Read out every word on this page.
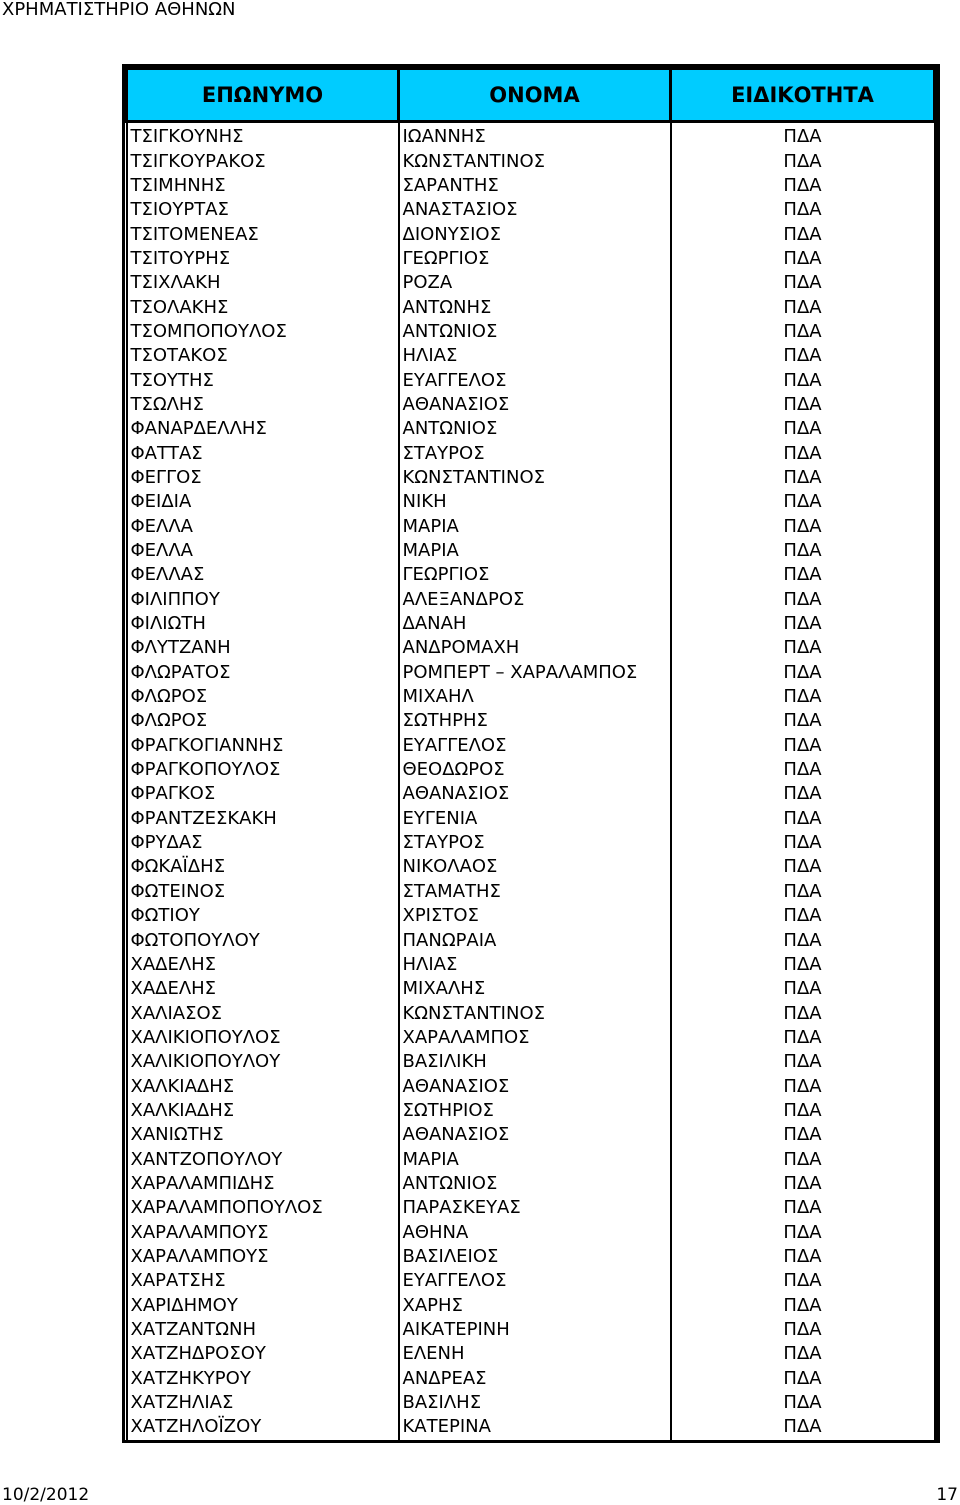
ΧΡΗΜΑΤΙΣΤΗΡΙΟ ΑΘΗΝΩΝ
ΕΠΩΝΥΜΟ	ΟΝΟΜΑ	ΕΙΔΙΚΟΤΗΤΑ
ΤΣΙΓΚΟΥΝΗΣ	ΙΩΑΝΝΗΣ	ΠΔΑ
ΤΣΙΓΚΟΥΡΑΚΟΣ	ΚΩΝΣΤΑΝΤΙΝΟΣ	ΠΔΑ
ΤΣΙΜΗΝΗΣ	ΣΑΡΑΝΤΗΣ	ΠΔΑ
ΤΣΙΟΥΡΤΑΣ	ΑΝΑΣΤΑΣΙΟΣ	ΠΔΑ
ΤΣΙΤΟΜΕΝΕΑΣ	ΔΙΟΝΥΣΙΟΣ	ΠΔΑ
ΤΣΙΤΟΥΡΗΣ	ΓΕΩΡΓΙΟΣ	ΠΔΑ
ΤΣΙΧΛΑΚΗ	ΡΟΖΑ	ΠΔΑ
ΤΣΟΛΑΚΗΣ	ΑΝΤΩΝΗΣ	ΠΔΑ
ΤΣΟΜΠΟΠΟΥΛΟΣ	ΑΝΤΩΝΙΟΣ	ΠΔΑ
ΤΣΟΤΑΚΟΣ	ΗΛΙΑΣ	ΠΔΑ
ΤΣΟΥΤΗΣ	ΕΥΑΓΓΕΛΟΣ	ΠΔΑ
ΤΣΩΛΗΣ	ΑΘΑΝΑΣΙΟΣ	ΠΔΑ
ΦΑΝΑΡΔΕΛΛΗΣ	ΑΝΤΩΝΙΟΣ	ΠΔΑ
ΦΑΤΤΑΣ	ΣΤΑΥΡΟΣ	ΠΔΑ
ΦΕΓΓΟΣ	ΚΩΝΣΤΑΝΤΙΝΟΣ	ΠΔΑ
ΦΕΙΔΙΑ	ΝΙΚΗ	ΠΔΑ
ΦΕΛΛΑ	ΜΑΡΙΑ	ΠΔΑ
ΦΕΛΛΑ	ΜΑΡΙΑ	ΠΔΑ
ΦΕΛΛΑΣ	ΓΕΩΡΓΙΟΣ	ΠΔΑ
ΦΙΛΙΠΠΟΥ	ΑΛΕΞΑΝΔΡΟΣ	ΠΔΑ
ΦΙΛΙΩΤΗ	ΔΑΝΑΗ	ΠΔΑ
ΦΛΥΤΖΑΝΗ	ΑΝΔΡΟΜΑΧΗ	ΠΔΑ
ΦΛΩΡΑΤΟΣ	ΡΟΜΠΕΡΤ – ΧΑΡΑΛΑΜΠΟΣ	ΠΔΑ
ΦΛΩΡΟΣ	ΜΙΧΑΗΛ	ΠΔΑ
ΦΛΩΡΟΣ	ΣΩΤΗΡΗΣ	ΠΔΑ
ΦΡΑΓΚΟΓΙΑΝΝΗΣ	ΕΥΑΓΓΕΛΟΣ	ΠΔΑ
ΦΡΑΓΚΟΠΟΥΛΟΣ	ΘΕΟΔΩΡΟΣ	ΠΔΑ
ΦΡΑΓΚΟΣ	ΑΘΑΝΑΣΙΟΣ	ΠΔΑ
ΦΡΑΝΤΖΕΣΚΑΚΗ	ΕΥΓΕΝΙΑ	ΠΔΑ
ΦΡΥΔΑΣ	ΣΤΑΥΡΟΣ	ΠΔΑ
ΦΩΚΑΪΔΗΣ	ΝΙΚΟΛΑΟΣ	ΠΔΑ
ΦΩΤΕΙΝΟΣ	ΣΤΑΜΑΤΗΣ	ΠΔΑ
ΦΩΤΙΟΥ	ΧΡΙΣΤΟΣ	ΠΔΑ
ΦΩΤΟΠΟΥΛΟΥ	ΠΑΝΩΡΑΙΑ	ΠΔΑ
ΧΑΔΕΛΗΣ	ΗΛΙΑΣ	ΠΔΑ
ΧΑΔΕΛΗΣ	ΜΙΧΑΛΗΣ	ΠΔΑ
ΧΑΛΙΑΣΟΣ	ΚΩΝΣΤΑΝΤΙΝΟΣ	ΠΔΑ
ΧΑΛΙΚΙΟΠΟΥΛΟΣ	ΧΑΡΑΛΑΜΠΟΣ	ΠΔΑ
ΧΑΛΙΚΙΟΠΟΥΛΟΥ	ΒΑΣΙΛΙΚΗ	ΠΔΑ
ΧΑΛΚΙΑΔΗΣ	ΑΘΑΝΑΣΙΟΣ	ΠΔΑ
ΧΑΛΚΙΑΔΗΣ	ΣΩΤΗΡΙΟΣ	ΠΔΑ
ΧΑΝΙΩΤΗΣ	ΑΘΑΝΑΣΙΟΣ	ΠΔΑ
ΧΑΝΤΖΟΠΟΥΛΟΥ	ΜΑΡΙΑ	ΠΔΑ
ΧΑΡΑΛΑΜΠΙΔΗΣ	ΑΝΤΩΝΙΟΣ	ΠΔΑ
ΧΑΡΑΛΑΜΠΟΠΟΥΛΟΣ	ΠΑΡΑΣΚΕΥΑΣ	ΠΔΑ
ΧΑΡΑΛΑΜΠΟΥΣ	ΑΘΗΝΑ	ΠΔΑ
ΧΑΡΑΛΑΜΠΟΥΣ	ΒΑΣΙΛΕΙΟΣ	ΠΔΑ
ΧΑΡΑΤΣΗΣ	ΕΥΑΓΓΕΛΟΣ	ΠΔΑ
ΧΑΡΙΔΗΜΟΥ	ΧΑΡΗΣ	ΠΔΑ
ΧΑΤΖΑΝΤΩΝΗ	ΑΙΚΑΤΕΡΙΝΗ	ΠΔΑ
ΧΑΤΖΗΔΡΟΣΟΥ	ΕΛΕΝΗ	ΠΔΑ
ΧΑΤΖΗΚΥΡΟΥ	ΑΝΔΡΕΑΣ	ΠΔΑ
ΧΑΤΖΗΛΙΑΣ	ΒΑΣΙΛΗΣ	ΠΔΑ
ΧΑΤΖΗΛΟΪΖΟΥ	ΚΑΤΕΡΙΝΑ	ΠΔΑ
10/2/2012	17
